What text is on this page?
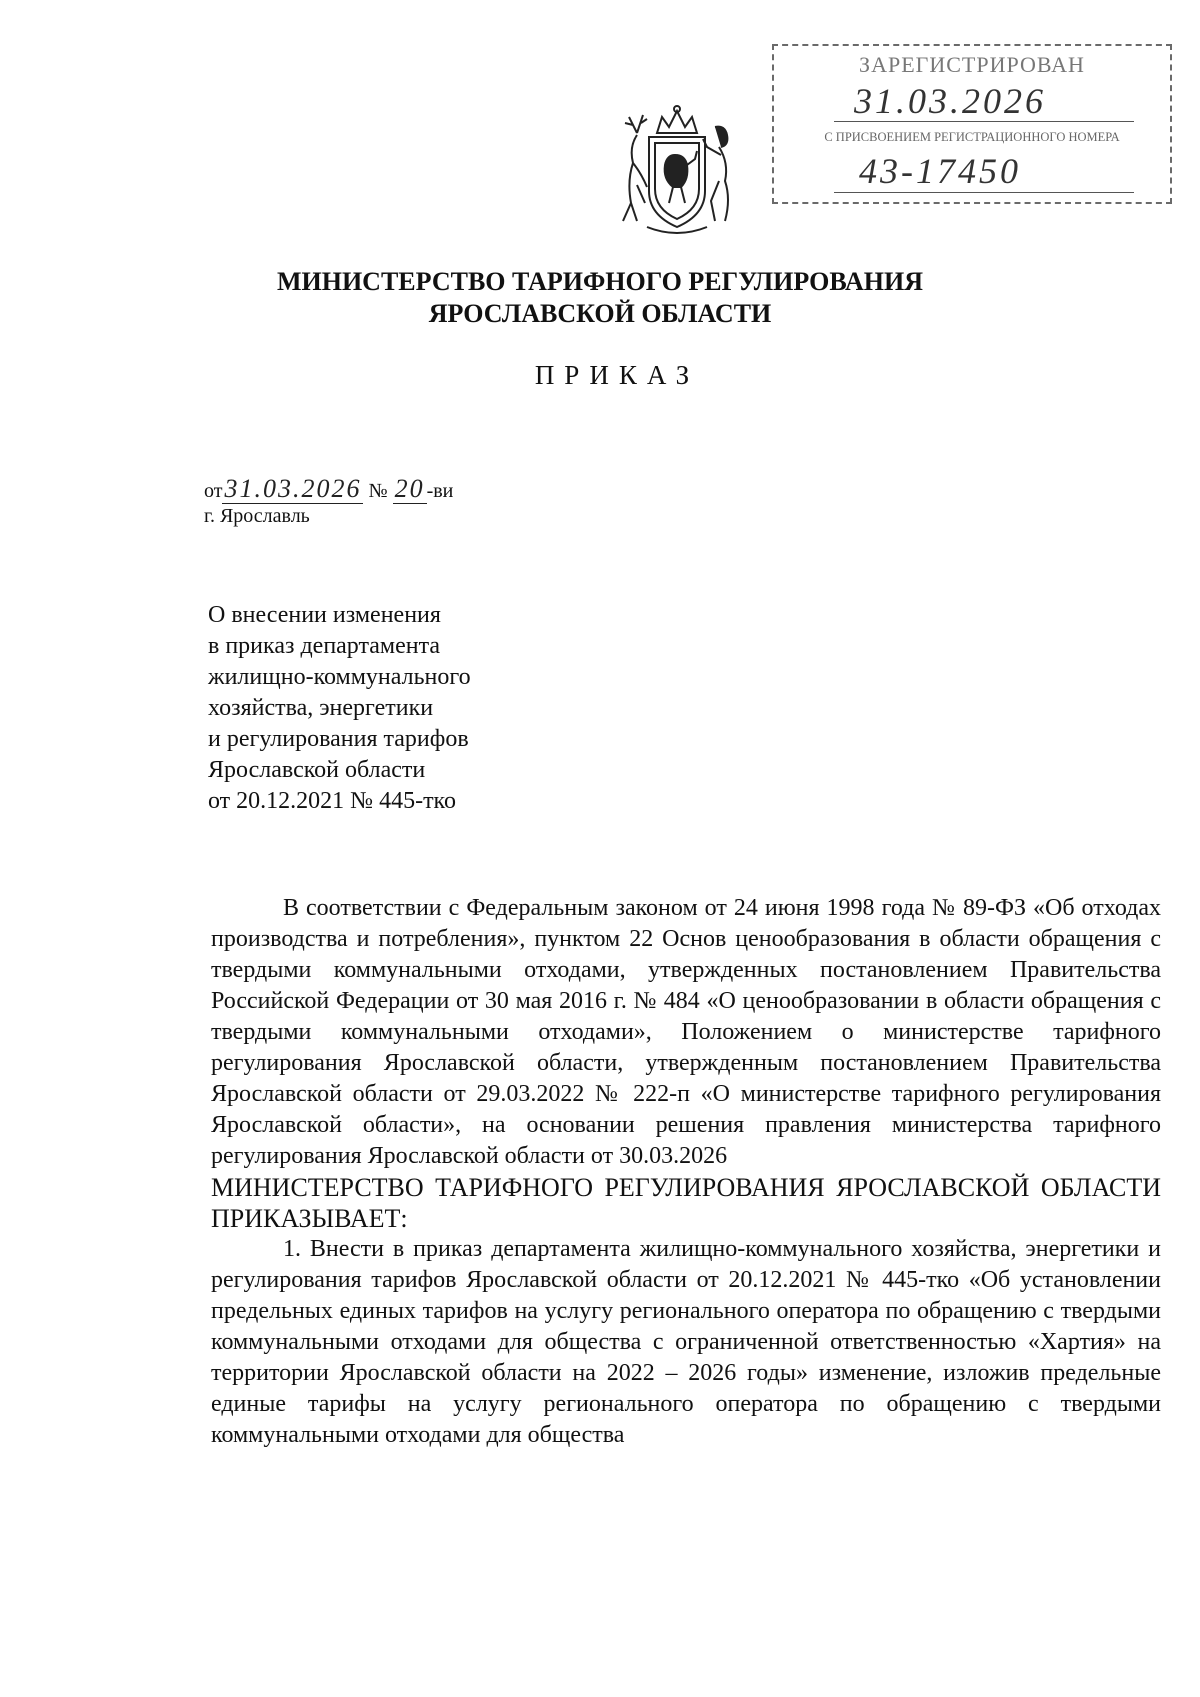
ЗАРЕГИСТРИРОВАН
31.03.2026
С ПРИСВОЕНИЕМ РЕГИСТРАЦИОННОГО НОМЕРА
43-17450
МИНИСТЕРСТВО ТАРИФНОГО РЕГУЛИРОВАНИЯ
ЯРОСЛАВСКОЙ ОБЛАСТИ
ПРИКАЗ
от31.03.2026 № 20 -ви
г. Ярославль
О внесении изменения
в приказ департамента
жилищно-коммунального
хозяйства, энергетики
и регулирования тарифов
Ярославской области
от 20.12.2021 № 445-тко

В соответствии с Федеральным законом от 24 июня 1998 года № 89-ФЗ «Об отходах производства и потребления», пунктом 22 Основ ценообразования в области обращения с твердыми коммунальными отходами, утвержденных постановлением Правительства Российской Федерации от 30 мая 2016 г. № 484 «О ценообразовании в области обращения с твердыми коммунальными отходами», Положением о министерстве тарифного регулирования Ярославской области, утвержденным постановлением Правительства Ярославской области от 29.03.2022 № 222-п «О министерстве тарифного регулирования Ярославской области», на основании решения правления министерства тарифного регулирования Ярославской области от 30.03.2026

МИНИСТЕРСТВО ТАРИФНОГО РЕГУЛИРОВАНИЯ ЯРОСЛАВСКОЙ ОБЛАСТИ ПРИКАЗЫВАЕТ:

1. Внести в приказ департамента жилищно-коммунального хозяйства, энергетики и регулирования тарифов Ярославской области от 20.12.2021 № 445-тко «Об установлении предельных единых тарифов на услугу регионального оператора по обращению с твердыми коммунальными отходами для общества с ограниченной ответственностью «Хартия» на территории Ярославской области на 2022 – 2026 годы» изменение, изложив предельные единые тарифы на услугу регионального оператора по обращению с твердыми коммунальными отходами для общества
